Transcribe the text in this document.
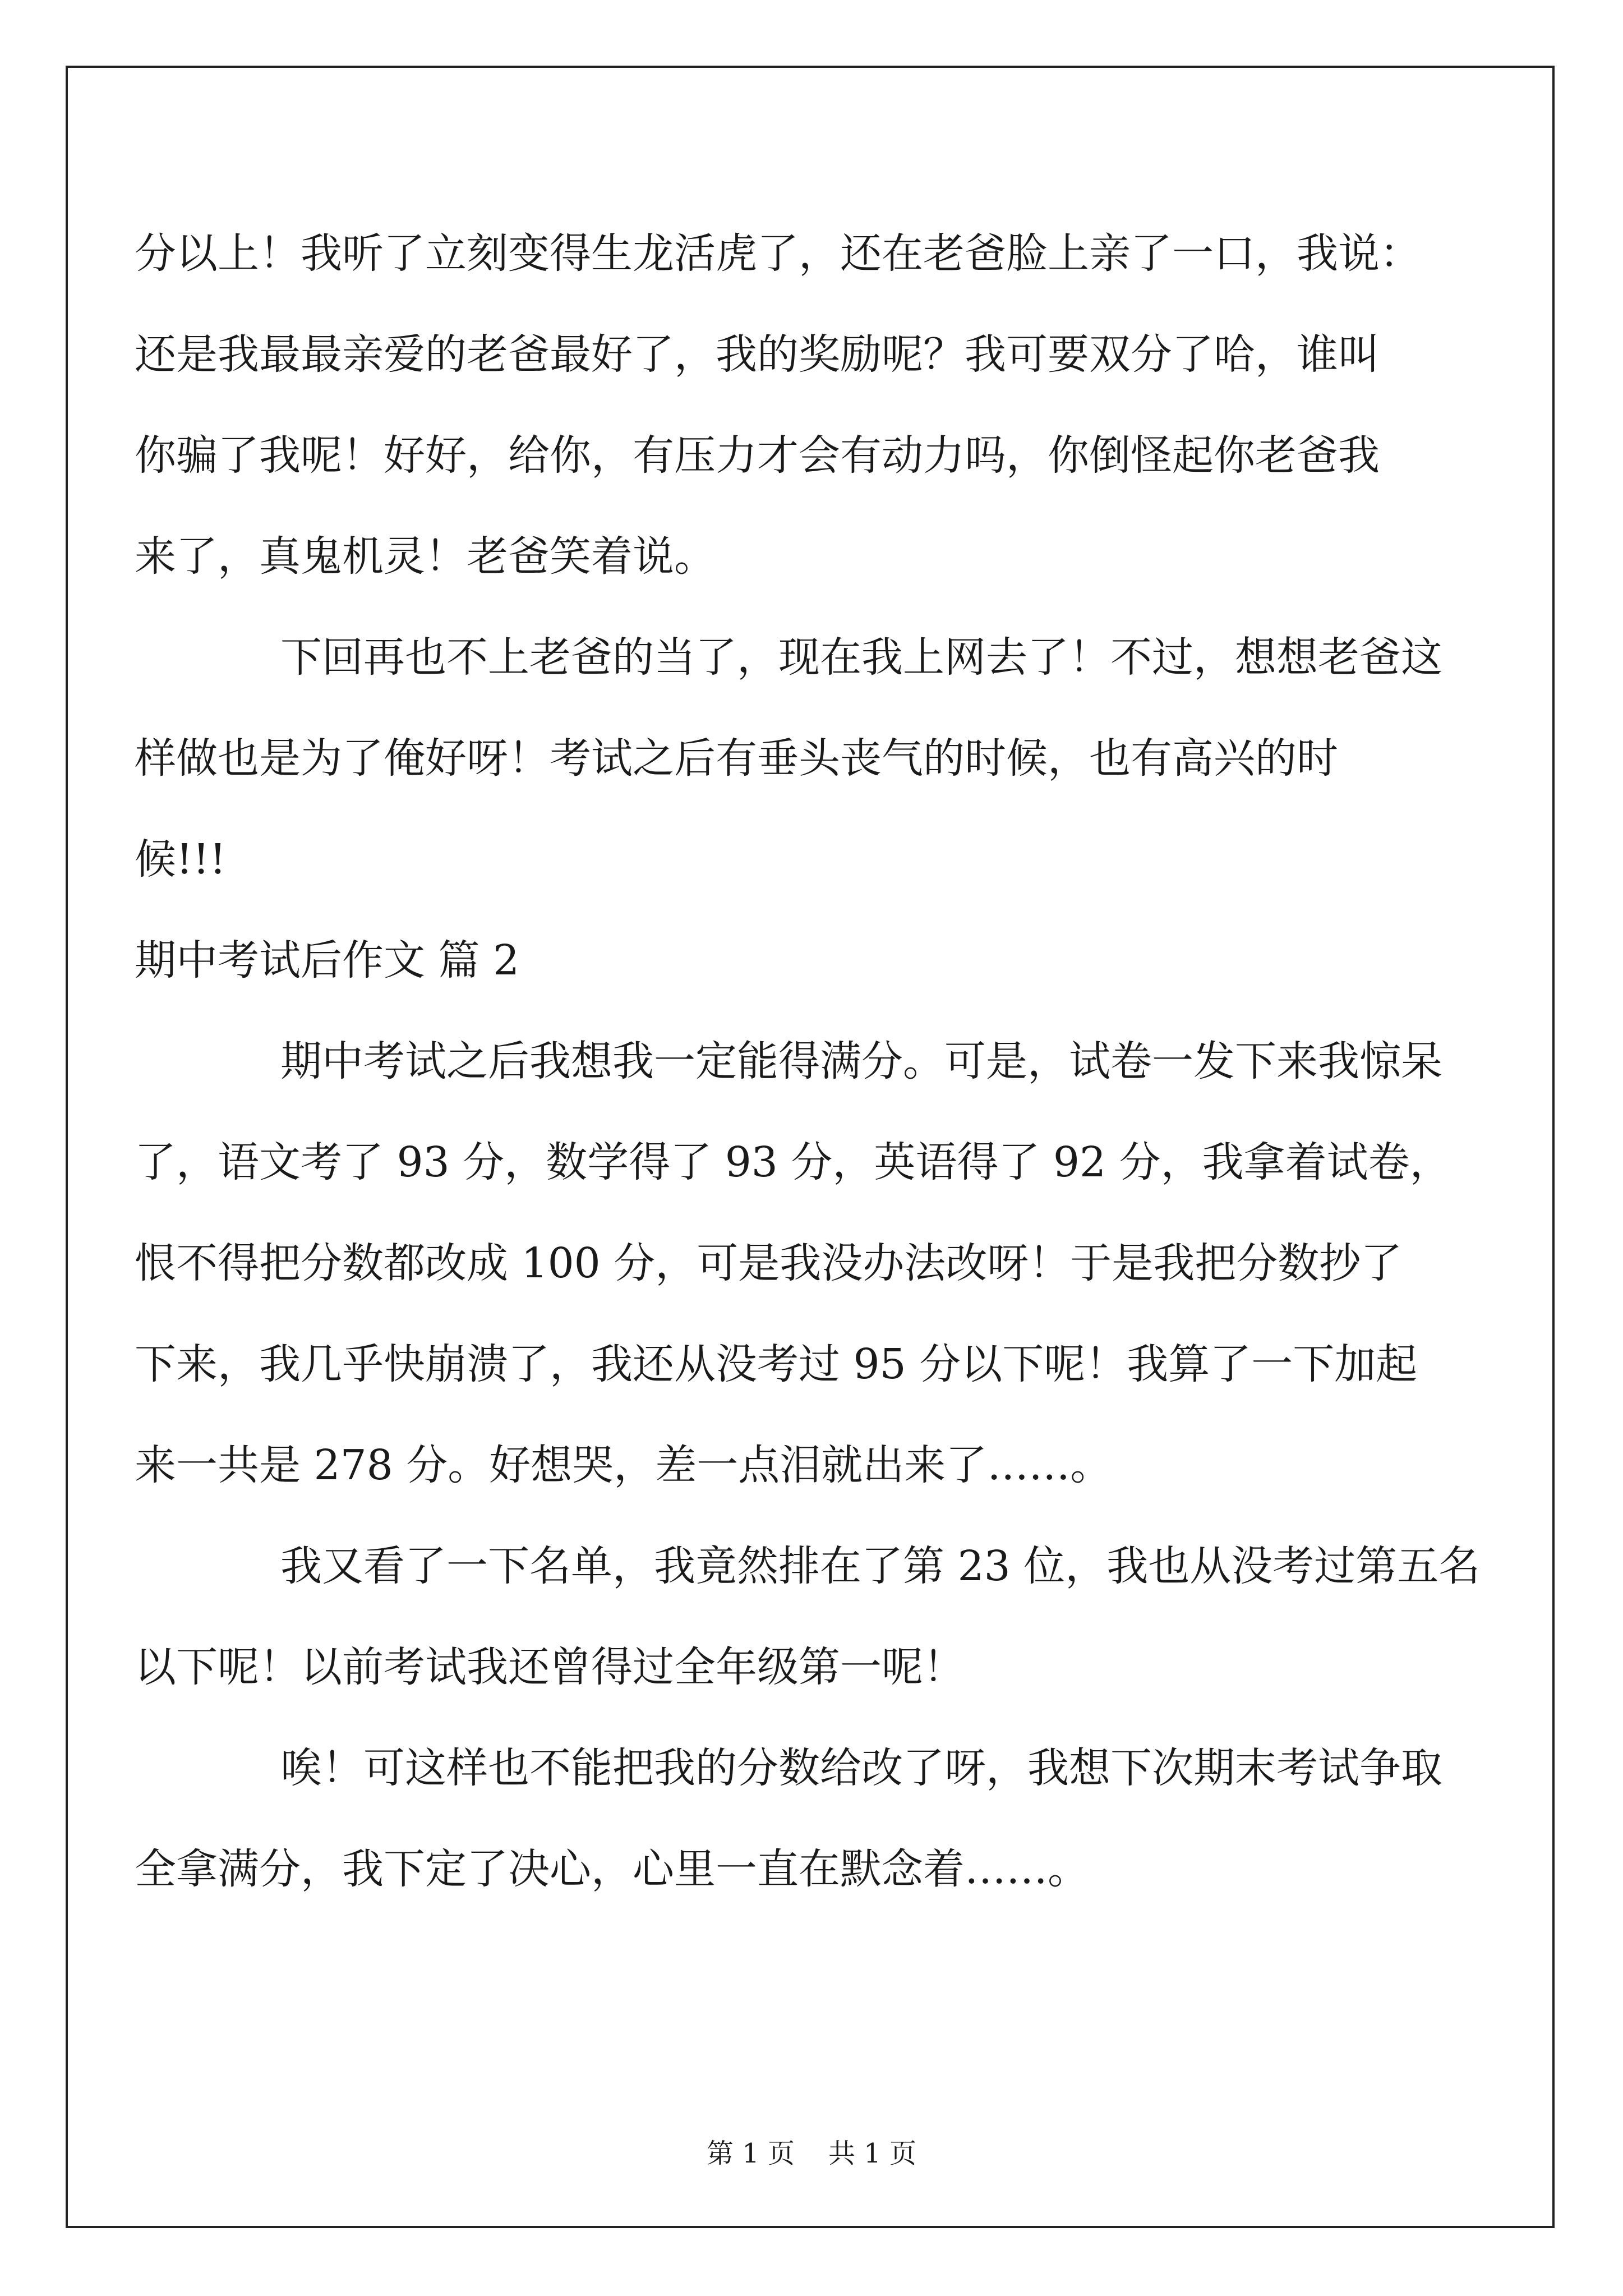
分以上！我听了立刻变得生龙活虎了，还在老爸脸上亲了一口，我说：

还是我最最亲爱的老爸最好了，我的奖励呢？我可要双分了哈，谁叫

你骗了我呢！好好，给你，有压力才会有动力吗，你倒怪起你老爸我

来了，真鬼机灵！老爸笑着说。

下回再也不上老爸的当了，现在我上网去了！不过，想想老爸这

样做也是为了俺好呀！考试之后有垂头丧气的时候，也有高兴的时

候!!!

期中考试后作文 篇 2

期中考试之后我想我一定能得满分。可是，试卷一发下来我惊呆

了，语文考了 93 分，数学得了 93 分，英语得了 92 分，我拿着试卷，

恨不得把分数都改成 100 分，可是我没办法改呀！于是我把分数抄了

下来，我几乎快崩溃了，我还从没考过 95 分以下呢！我算了一下加起

来一共是 278 分。好想哭，差一点泪就出来了……。

我又看了一下名单，我竟然排在了第 23 位，我也从没考过第五名

以下呢！以前考试我还曾得过全年级第一呢！

唉！可这样也不能把我的分数给改了呀，我想下次期末考试争取

全拿满分，我下定了决心，心里一直在默念着……。

第 1 页 共 1 页
